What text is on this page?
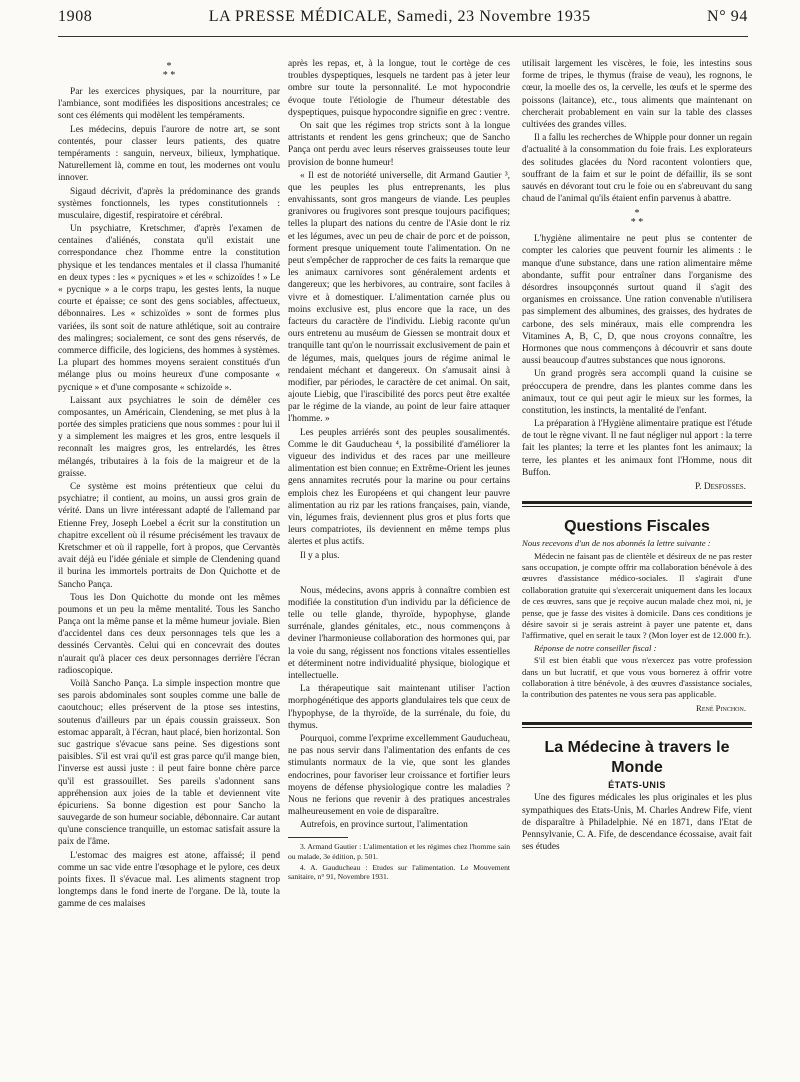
1908	LA PRESSE MÉDICALE, Samedi, 23 Novembre 1935	N° 94
*
* *

Par les exercices physiques, par la nourriture, par l'ambiance, sont modifiées les dispositions ancestrales; ce sont ces éléments qui modèlent les tempéraments.

Les médecins, depuis l'aurore de notre art, se sont contentés, pour classer leurs patients, des quatre tempéraments : sanguin, nerveux, bilieux, lymphatique. Naturellement là, comme en tout, les modernes ont voulu innover.

Sigaud décrivit, d'après la prédominance des grands systèmes fonctionnels, les types constitutionnels : musculaire, digestif, respiratoire et cérébral.

Un psychiatre, Kretschmer, d'après l'examen de centaines d'aliénés, constata qu'il existait une correspondance chez l'homme entre la constitution physique et les tendances mentales et il classa l'humanité en deux types : les « pycniques » et les « schizoïdes ! » Le « pycnique » a le corps trapu, les gestes lents, la nuque courte et épaisse; ce sont des gens sociables, affectueux, débonnaires. Les « schizoïdes » sont de formes plus variées, ils sont soit de nature athlétique, soit au contraire des malingres; socialement, ce sont des gens réservés, de commerce difficile, des logiciens, des hommes à systèmes. La plupart des hommes moyens seraient constitués d'un mélange plus ou moins heureux d'une composante « pycnique » et d'une composante « schizoïde ».

Laissant aux psychiatres le soin de démêler ces composantes, un Américain, Clendening, se met plus à la portée des simples praticiens que nous sommes : pour lui il y a simplement les maigres et les gros, entre lesquels il reconnaît les maigres gros, les entrelardés, les êtres mélangés, tributaires à la fois de la maigreur et de la graisse.

Ce système est moins prétentieux que celui du psychiatre; il contient, au moins, un aussi gros grain de vérité. Dans un livre intéressant adapté de l'allemand par Etienne Frey, Joseph Loebel a écrit sur la constitution un chapitre excellent où il résume précisément les travaux de Kretschmer et où il rappelle, fort à propos, que Cervantès avait déjà eu l'idée géniale et simple de Clendening quand il burina les immortels portraits de Don Quichotte et de Sancho Pança.

Tous les Don Quichotte du monde ont les mêmes poumons et un peu la même mentalité. Tous les Sancho Pança ont la même panse et la même humeur joviale. Bien d'accidentel dans ces deux personnages tels que les a dessinés Cervantès. Celui qui en concevrait des doutes n'aurait qu'à placer ces deux personnages derrière l'écran radioscopique.

Voilà Sancho Pança. La simple inspection montre que ses parois abdominales sont souples comme une balle de caoutchouc; elles préservent de la ptose ses intestins, soutenus d'ailleurs par un épais coussin graisseux. Son estomac apparaît, à l'écran, haut placé, bien horizontal. Son suc gastrique s'évacue sans peine. Ses digestions sont paisibles. S'il est vrai qu'il est gras parce qu'il mange bien, l'inverse est aussi juste : il peut faire bonne chère parce qu'il est grassouillet. Ses pareils s'adonnent sans appréhension aux joies de la table et deviennent vite épicuriens. Sa bonne digestion est pour Sancho la sauvegarde de son humeur sociable, débonnaire. Car autant qu'une conscience tranquille, un estomac satisfait assure la paix de l'âme.

L'estomac des maigres est atone, affaissé; il pend comme un sac vide entre l'œsophage et le pylore, ces deux points fixes. Il s'évacue mal. Les aliments stagnent trop longtemps dans le fond inerte de l'organe. De là, toute la gamme de ces malaises

après les repas, et, à la longue, tout le cortège de ces troubles dyspeptiques, lesquels ne tardent pas à jeter leur ombre sur toute la personnalité. Le mot hypocondrie évoque toute l'étiologie de l'humeur détestable des dyspeptiques, puisque hypocondre signifie en grec : ventre.

On sait que les régimes trop stricts sont à la longue attristants et rendent les gens grincheux; que de Sancho Pança ont perdu avec leurs réserves graisseuses toute leur provision de bonne humeur!

« Il est de notoriété universelle, dit Armand Gautier ³, que les peuples les plus entreprenants, les plus envahissants, sont gros mangeurs de viande. Les peuples granivores ou frugivores sont presque toujours pacifiques; telles la plupart des nations du centre de l'Asie dont le riz et les légumes, avec un peu de chair de porc et de poisson, forment presque uniquement toute l'alimentation. On ne peut s'empêcher de rapprocher de ces faits la remarque que les animaux carnivores sont généralement ardents et dangereux; que les herbivores, au contraire, sont faciles à vivre et à domestiquer. L'alimentation carnée plus ou moins exclusive est, plus encore que la race, un des facteurs du caractère de l'individu. Liebig raconte qu'un ours entretenu au muséum de Giessen se montrait doux et tranquille tant qu'on le nourrissait exclusivement de pain et de légumes, mais, quelques jours de régime animal le rendaient méchant et dangereux. On s'amusait ainsi à modifier, par périodes, le caractère de cet animal. On sait, ajoute Liebig, que l'irascibilité des porcs peut être exaltée par le régime de la viande, au point de leur faire attaquer l'homme. »

Les peuples arriérés sont des peuples sousalimentés. Comme le dit Gauducheau ⁴, la possibilité d'améliorer la vigueur des individus et des races par une meilleure alimentation est bien connue; en Extrême-Orient les jeunes gens annamites recrutés pour la marine ou pour certains emplois chez les Européens et qui changent leur pauvre alimentation au riz par les rations françaises, pain, viande, vin, légumes frais, deviennent plus gros et plus forts que leurs compatriotes, ils deviennent en même temps plus alertes et plus actifs.

Il y a plus.

Nous, médecins, avons appris à connaître combien est modifiée la constitution d'un individu par la déficience de telle ou telle glande, thyroïde, hypophyse, glande surrénale, glandes génitales, etc., nous commençons à deviner l'harmonieuse collaboration des hormones qui, par la voie du sang, régissent nos fonctions vitales essentielles et déterminent notre individualité physique, biologique et intellectuelle.

La thérapeutique sait maintenant utiliser l'action morphogénétique des apports glandulaires tels que ceux de l'hypophyse, de la thyroïde, de la surrénale, du foie, du thymus.

Pourquoi, comme l'exprime excellemment Gauducheau, ne pas nous servir dans l'alimentation des enfants de ces stimulants normaux de la vie, que sont les glandes endocrines, pour favoriser leur croissance et fortifier leurs moyens de défense physiologique contre les maladies ? Nous ne ferions que revenir à des pratiques ancestrales malheureusement en voie de disparaître.

Autrefois, en province surtout, l'alimentation

3. Armand Gautier : L'alimentation et les régimes chez l'homme sain ou malade, 3e édition, p. 501.

4. A. Gauducheau : Etudes sur l'alimentation. Le Mouvement sanitaire, n° 91, Novembre 1931.

utilisait largement les viscères, le foie, les intestins sous forme de tripes, le thymus (fraise de veau), les rognons, le cœur, la moelle des os, la cervelle, les œufs et le sperme des poissons (laitance), etc., tous aliments que maintenant on chercherait probablement en vain sur la table des classes cultivées des grandes villes.

Il a fallu les recherches de Whipple pour donner un regain d'actualité à la consommation du foie frais. Les explorateurs des solitudes glacées du Nord racontent volontiers que, souffrant de la faim et sur le point de défaillir, ils se sont sauvés en dévorant tout cru le foie ou en s'abreuvant du sang chaud de l'animal qu'ils étaient enfin parvenus à abattre.

*
* *

L'hygiène alimentaire ne peut plus se contenter de compter les calories que peuvent fournir les aliments : le manque d'une substance, dans une ration alimentaire même abondante, suffit pour entraîner dans l'organisme des désordres insoupçonnés surtout quand il s'agit des organismes en croissance. Une ration convenable n'utilisera pas simplement des albumines, des graisses, des hydrates de carbone, des sels minéraux, mais elle comprendra les Vitamines A, B, C, D, que nous croyons connaître, les Hormones que nous commençons à découvrir et sans doute aussi beaucoup d'autres substances que nous ignorons.

Un grand progrès sera accompli quand la cuisine se préoccupera de prendre, dans les plantes comme dans les animaux, tout ce qui peut agir le mieux sur les formes, la constitution, les instincts, la mentalité de l'enfant.

La préparation à l'Hygiène alimentaire pratique est l'étude de tout le règne vivant. Il ne faut négliger nul apport : la terre fait les plantes; la terre et les plantes font les animaux; la terre, les plantes et les animaux font l'Homme, nous dit Buffon.

P. Desfosses.

Questions Fiscales

Nous recevons d'un de nos abonnés la lettre suivante :

Médecin ne faisant pas de clientèle et désireux de ne pas rester sans occupation, je compte offrir ma collaboration bénévole à des œuvres d'assistance médico-sociales. Il s'agirait d'une collaboration gratuite qui s'exercerait uniquement dans les locaux de ces œuvres, sans que je reçoive aucun malade chez moi, ni, je pense, que je fasse des visites à domicile. Dans ces conditions je désire savoir si je serais astreint à payer une patente et, dans l'affirmative, quel en serait le taux ? (Mon loyer est de 12.000 fr.).

Réponse de notre conseiller fiscal :

S'il est bien établi que vous n'exercez pas votre profession dans un but lucratif, et que vous vous bornerez à offrir votre collaboration à titre bénévole, à des œuvres d'assistance sociales, la contribution des patentes ne vous sera pas applicable.

René Pinchon.

La Médecine à travers le Monde

ÉTATS-UNIS

Une des figures médicales les plus originales et les plus sympathiques des Etats-Unis, M. Charles Andrew Fife, vient de disparaître à Philadelphie. Né en 1871, dans l'Etat de Pennsylvanie, C. A. Fife, de descendance écossaise, avait fait ses études
